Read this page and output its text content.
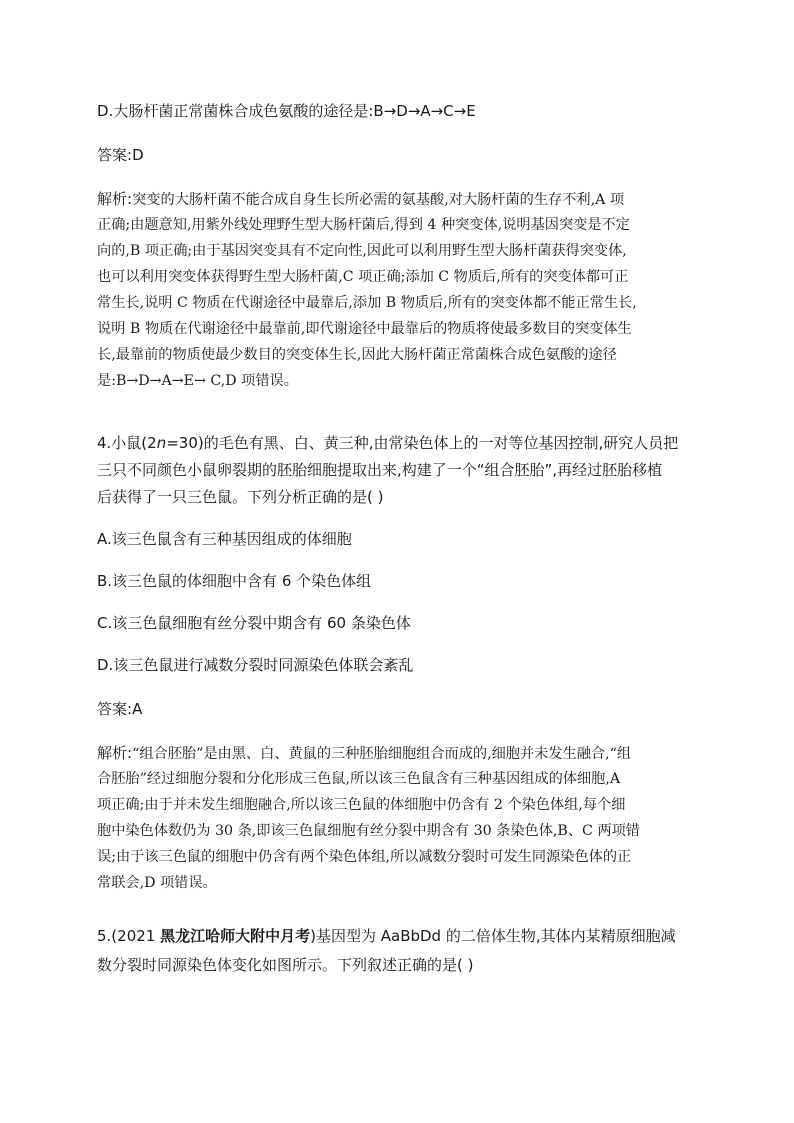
D.大肠杆菌正常菌株合成色氨酸的途径是:B→D→A→C→E
答案:D
解析:突变的大肠杆菌不能合成自身生长所必需的氨基酸,对大肠杆菌的生存不利,A 项
正确;由题意知,用紫外线处理野生型大肠杆菌后,得到 4 种突变体,说明基因突变是不定
向的,B 项正确;由于基因突变具有不定向性,因此可以利用野生型大肠杆菌获得突变体,
也可以利用突变体获得野生型大肠杆菌,C 项正确;添加 C 物质后,所有的突变体都可正
常生长,说明 C 物质在代谢途径中最靠后,添加 B 物质后,所有的突变体都不能正常生长,
说明 B 物质在代谢途径中最靠前,即代谢途径中最靠后的物质将使最多数目的突变体生
长,最靠前的物质使最少数目的突变体生长,因此大肠杆菌正常菌株合成色氨酸的途径
是:B→D→A→E→ C,D 项错误。
4.小鼠(2n=30)的毛色有黑、白、黄三种,由常染色体上的一对等位基因控制,研究人员把
三只不同颜色小鼠卵裂期的胚胎细胞提取出来,构建了一个“组合胚胎”,再经过胚胎移植
后获得了一只三色鼠。下列分析正确的是( )
A.该三色鼠含有三种基因组成的体细胞
B.该三色鼠的体细胞中含有 6 个染色体组
C.该三色鼠细胞有丝分裂中期含有 60 条染色体
D.该三色鼠进行减数分裂时同源染色体联会紊乱
答案:A
解析:“组合胚胎”是由黑、白、黄鼠的三种胚胎细胞组合而成的,细胞并未发生融合,“组
合胚胎”经过细胞分裂和分化形成三色鼠,所以该三色鼠含有三种基因组成的体细胞,A
项正确;由于并未发生细胞融合,所以该三色鼠的体细胞中仍含有 2 个染色体组,每个细
胞中染色体数仍为 30 条,即该三色鼠细胞有丝分裂中期含有 30 条染色体,B、C 两项错
误;由于该三色鼠的细胞中仍含有两个染色体组,所以减数分裂时可发生同源染色体的正
常联会,D 项错误。
5.(2021 黑龙江哈师大附中月考)基因型为 AaBbDd 的二倍体生物,其体内某精原细胞减
数分裂时同源染色体变化如图所示。下列叙述正确的是( )
